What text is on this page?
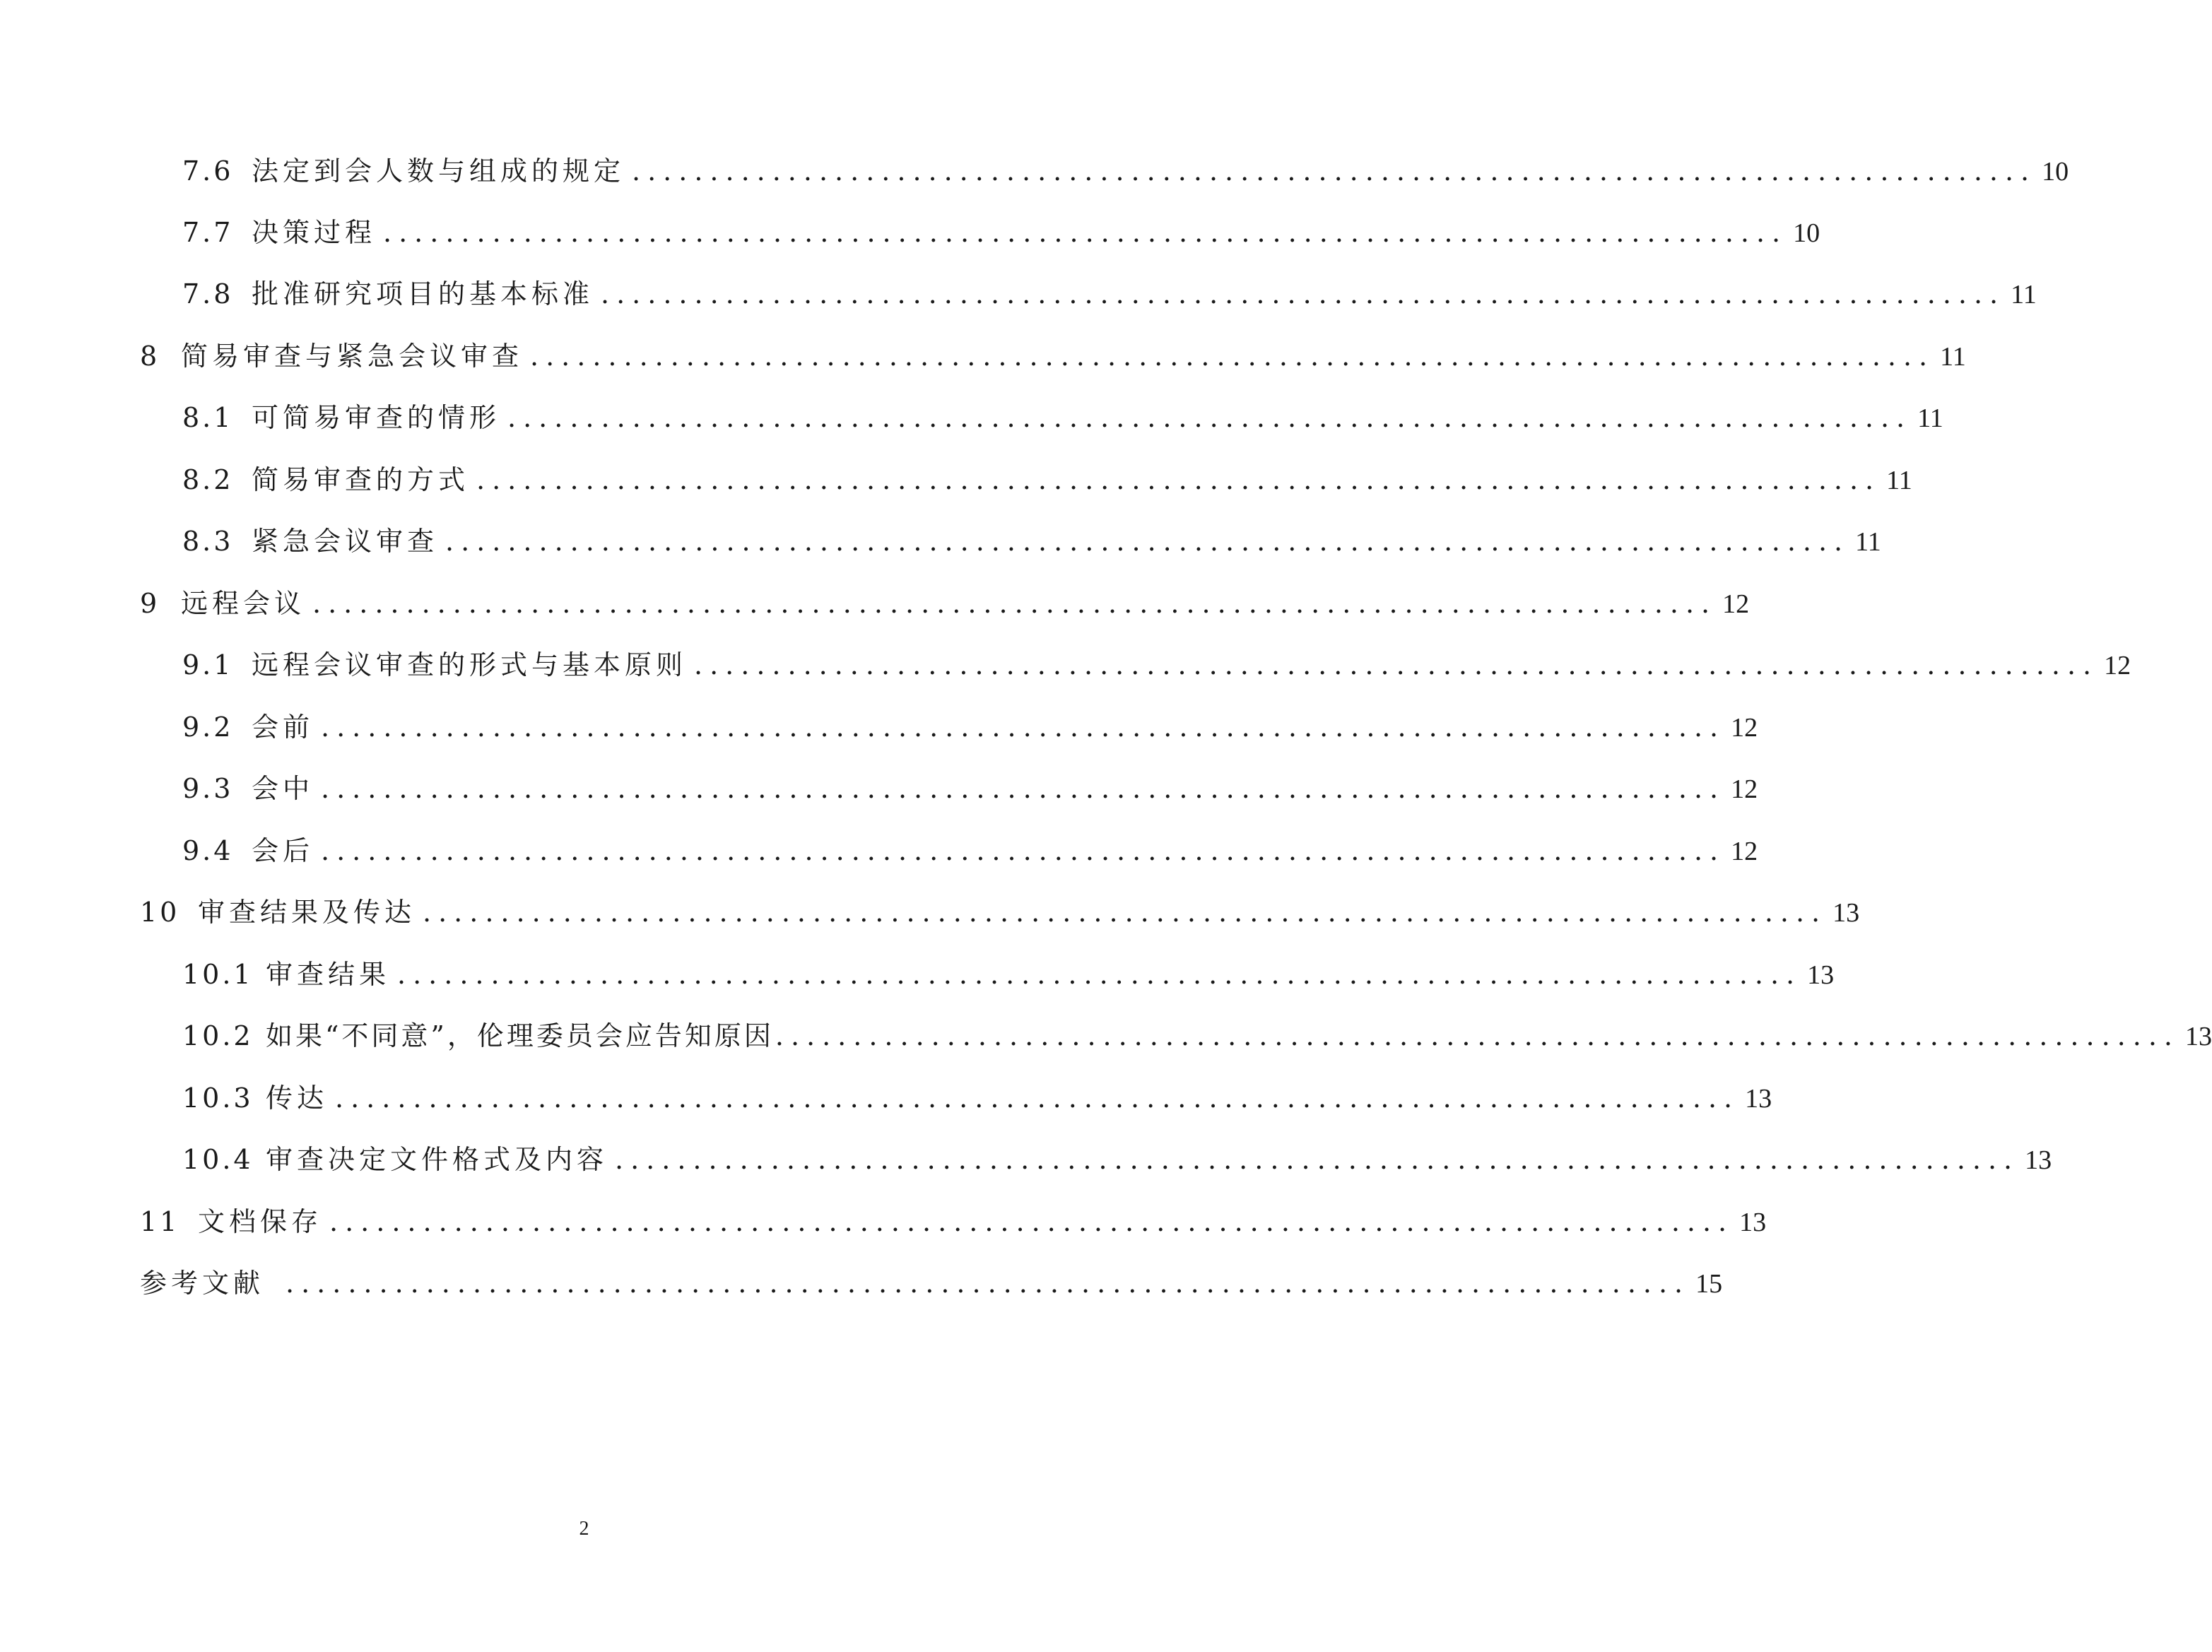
7.6 法定到会人数与组成的规定 .......................................................................................... 10
7.7 决策过程 .......................................................................................... 10
7.8 批准研究项目的基本标准 .......................................................................................... 11
8 简易审查与紧急会议审查 .......................................................................................... 11
8.1 可简易审查的情形 .......................................................................................... 11
8.2 简易审查的方式 .......................................................................................... 11
8.3 紧急会议审查 .......................................................................................... 11
9 远程会议 .......................................................................................... 12
9.1 远程会议审查的形式与基本原则 .......................................................................................... 12
9.2 会前 .......................................................................................... 12
9.3 会中 .......................................................................................... 12
9.4 会后 .......................................................................................... 12
10 审查结果及传达 .......................................................................................... 13
10.1 审查结果 .......................................................................................... 13
10.2 如果“不同意”，伦理委员会应告知原因 .......................................................................................... 13
10.3 传达 .......................................................................................... 13
10.4 审查决定文件格式及内容 .......................................................................................... 13
11 文档保存 .......................................................................................... 13
参考文献 .......................................................................................... 15
2
